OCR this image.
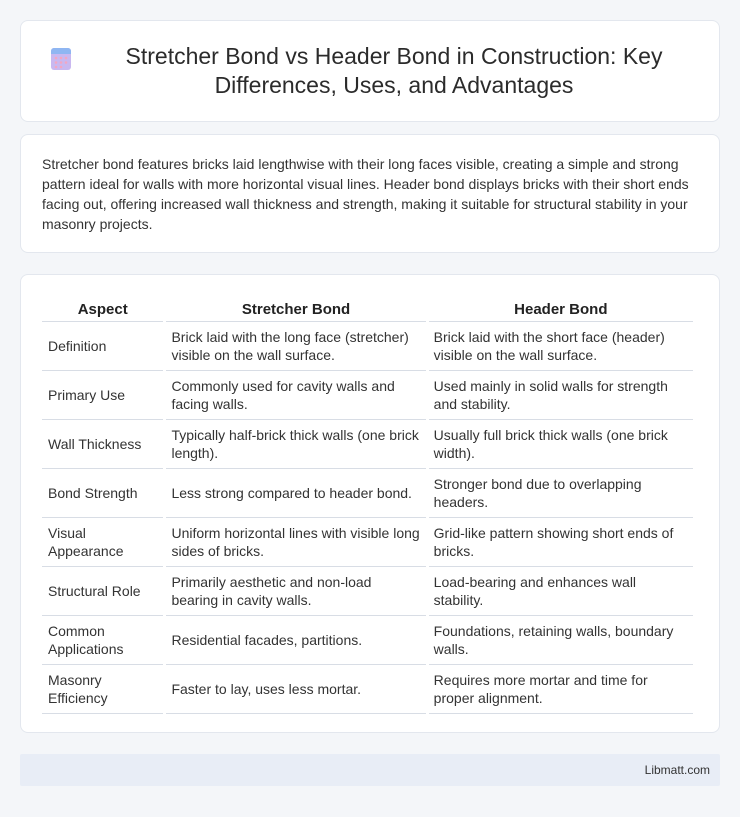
Stretcher Bond vs Header Bond in Construction: Key Differences, Uses, and Advantages

Stretcher bond features bricks laid lengthwise with their long faces visible, creating a simple and strong pattern ideal for walls with more horizontal visual lines. Header bond displays bricks with their short ends facing out, offering increased wall thickness and strength, making it suitable for structural stability in your masonry projects.

Aspect	Stretcher Bond	Header Bond
Definition	Brick laid with the long face (stretcher) visible on the wall surface.	Brick laid with the short face (header) visible on the wall surface.
Primary Use	Commonly used for cavity walls and facing walls.	Used mainly in solid walls for strength and stability.
Wall Thickness	Typically half-brick thick walls (one brick length).	Usually full brick thick walls (one brick width).
Bond Strength	Less strong compared to header bond.	Stronger bond due to overlapping headers.
Visual Appearance	Uniform horizontal lines with visible long sides of bricks.	Grid-like pattern showing short ends of bricks.
Structural Role	Primarily aesthetic and non-load bearing in cavity walls.	Load-bearing and enhances wall stability.
Common Applications	Residential facades, partitions.	Foundations, retaining walls, boundary walls.
Masonry Efficiency	Faster to lay, uses less mortar.	Requires more mortar and time for proper alignment.
Libmatt.com
